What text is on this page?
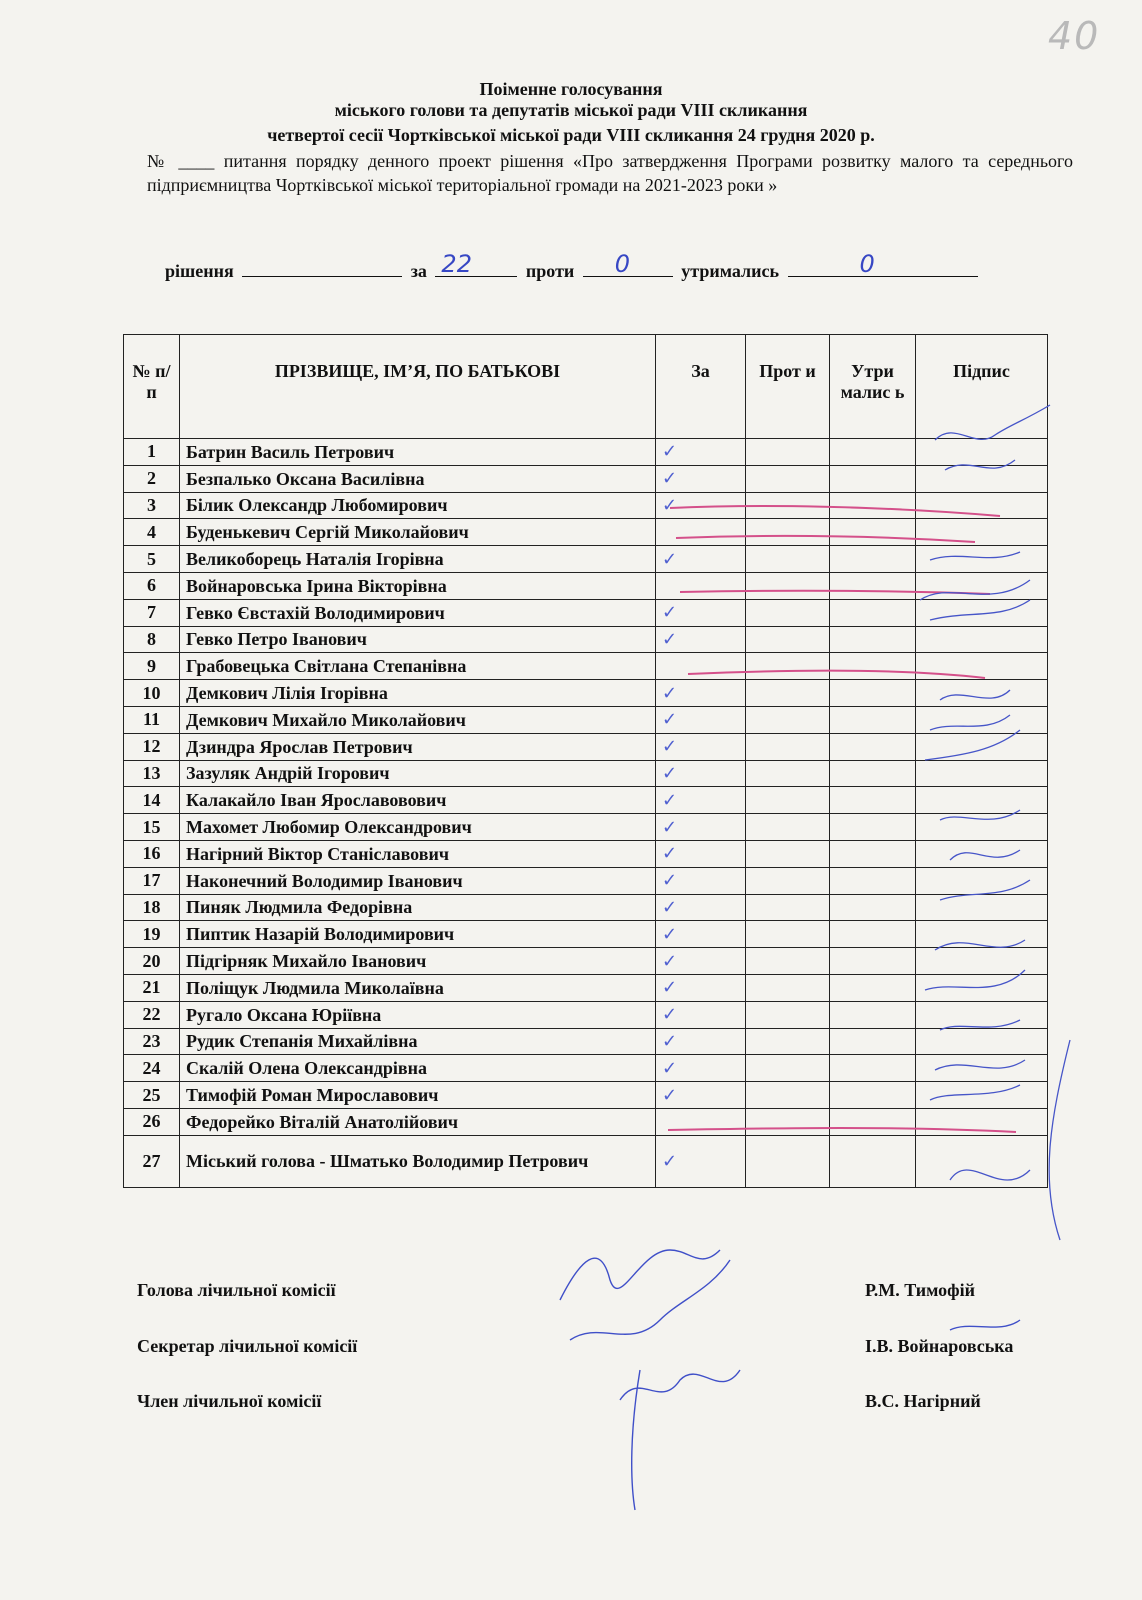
40
Поіменне голосування
міського голови та депутатів міської ради VIII скликання
четвертої сесії Чортківської міської ради VIII скликання 24 грудня 2020 р.
№ ____ питання порядку денного проект рішення «Про затвердження Програми розвитку малого та середнього підприємництва Чортківської міської територіальної громади на 2021-2023 роки »
рішення	за 22	проти 0	утримались	0
№ п/п	ПРІЗВИЩЕ, ІМ’Я, ПО БАТЬКОВІ	За	Прот и	Утри малис ь	Підпис
1	Батрин Василь Петрович	✓			
2	Безпалько Оксана Василівна	✓			
3	Білик Олександр Любомирович	✓			
4	Буденькевич Сергій Миколайович				
5	Великоборець Наталія Ігорівна	✓			
6	Войнаровська Ірина Вікторівна				
7	Гевко Євстахій Володимирович	✓			
8	Гевко Петро Іванович	✓			
9	Грабовецька Світлана Степанівна				
10	Демкович Лілія Ігорівна	✓			
11	Демкович Михайло Миколайович	✓			
12	Дзиндра Ярослав Петрович	✓			
13	Зазуляк Андрій Ігорович	✓			
14	Калакайло Іван Ярославовович	✓			
15	Махомет Любомир Олександрович	✓			
16	Нагірний Віктор Станіславович	✓			
17	Наконечний Володимир Іванович	✓			
18	Пиняк Людмила Федорівна	✓			
19	Пиптик Назарій Володимирович	✓			
20	Підгірняк Михайло Іванович	✓			
21	Поліщук Людмила Миколаївна	✓			
22	Ругало Оксана Юріївна	✓			
23	Рудик Степанія Михайлівна	✓			
24	Скалій Олена Олександрівна	✓			
25	Тимофій Роман Мирославович	✓			
26	Федорейко Віталій Анатолійович				
27	Міський голова - Шматько Володимир Петрович	✓			
Голова лічильної комісії
Секретар лічильної комісії
Член лічильної комісії
Р.М. Тимофій
І.В. Войнаровська
В.С. Нагірний
